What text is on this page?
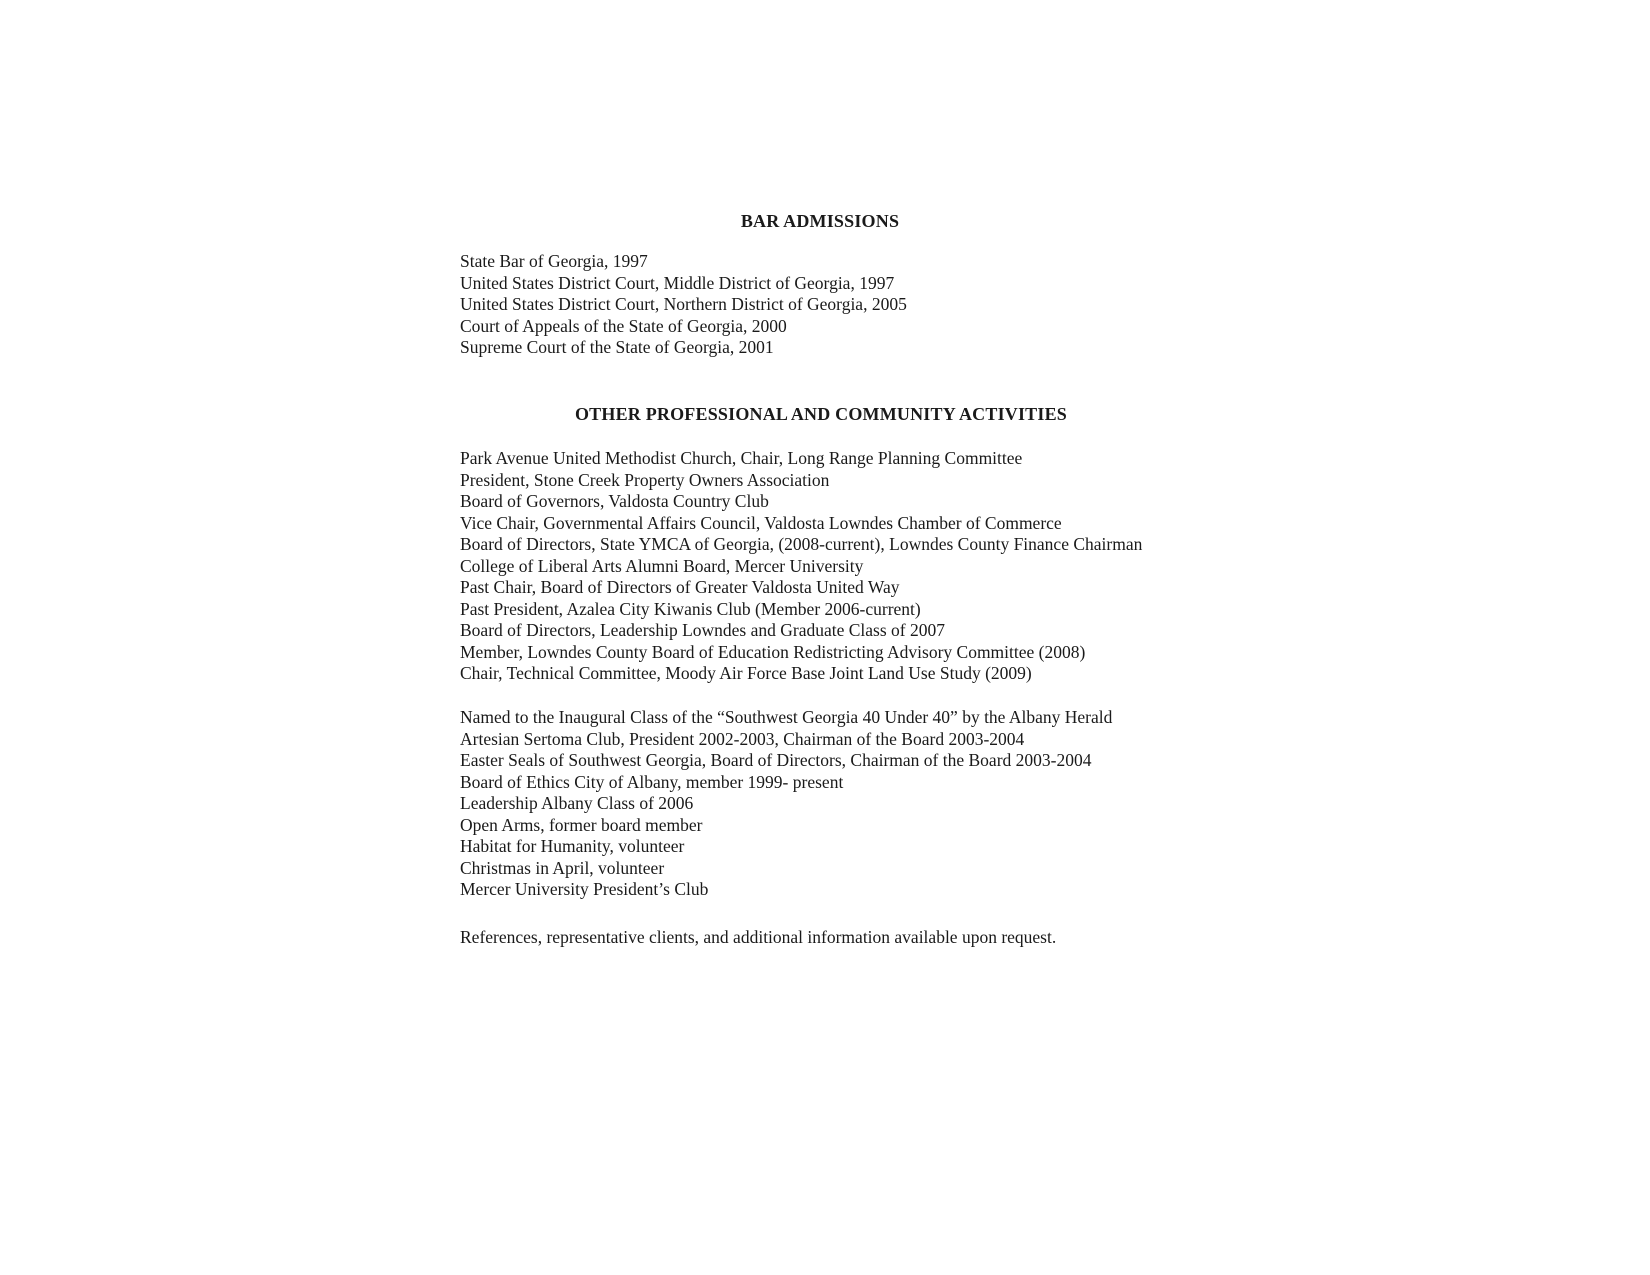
BAR ADMISSIONS
State Bar of Georgia, 1997
United States District Court, Middle District of Georgia, 1997
United States District Court, Northern District of Georgia, 2005
Court of Appeals of the State of Georgia, 2000
Supreme Court of the State of Georgia, 2001
OTHER PROFESSIONAL AND COMMUNITY ACTIVITIES
Park Avenue United Methodist Church, Chair, Long Range Planning Committee
President, Stone Creek Property Owners Association
Board of Governors, Valdosta Country Club
Vice Chair, Governmental Affairs Council, Valdosta Lowndes Chamber of Commerce
Board of Directors, State YMCA of Georgia, (2008-current), Lowndes County Finance Chairman
College of Liberal Arts Alumni Board, Mercer University
Past Chair, Board of Directors of Greater Valdosta United Way
Past President, Azalea City Kiwanis Club (Member 2006-current)
Board of Directors, Leadership Lowndes and Graduate Class of 2007
Member, Lowndes County Board of Education Redistricting Advisory Committee (2008)
Chair, Technical Committee, Moody Air Force Base Joint Land Use Study (2009)
Named to the Inaugural Class of the “Southwest Georgia 40 Under 40” by the Albany Herald
Artesian Sertoma Club, President 2002-2003, Chairman of the Board 2003-2004
Easter Seals of Southwest Georgia, Board of Directors, Chairman of the Board 2003-2004
Board of Ethics City of Albany, member 1999- present
Leadership Albany Class of 2006
Open Arms, former board member
Habitat for Humanity, volunteer
Christmas in April, volunteer
Mercer University President’s Club

References, representative clients, and additional information available upon request.
